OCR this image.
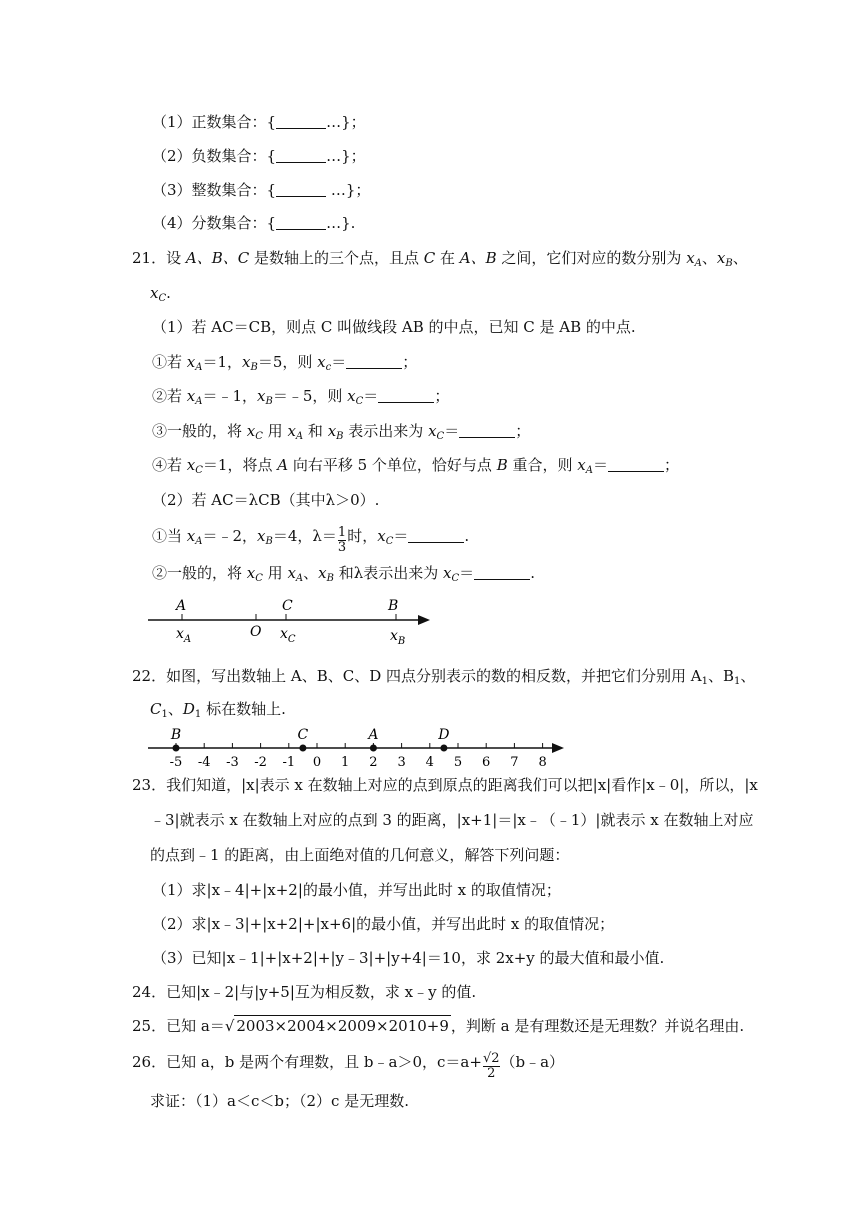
（1）正数集合：{	…}；
（2）负数集合：{	…}；
（3）整数集合：{	…}；
（4）分数集合：{	…}.
21．设 A、B、C 是数轴上的三个点，且点 C 在 A、B 之间，它们对应的数分别为 $x_A$、$x_B$、
$x_C$.
（1）若 AC＝CB，则点 C 叫做线段 AB 的中点，已知 C 是 AB 的中点.
①若 $x_A=1$，$x_B=5$，则 $x_c=$	；
②若 $x_A=﹣1$，$x_B=﹣5$，则 $x_C=$	；
③一般的，将 $x_C$ 用 $x_A$ 和 $x_B$ 表示出来为 $x_C=$	；
④若 $x_C=1$，将点 A 向右平移 5 个单位，恰好与点 B 重合，则 $x_A=$	；
（2）若 AC＝λCB（其中λ＞0）.
①当 $x_A=﹣2$，$x_B=4$，$\lambda= \frac{1}{3}$ 时，$x_C=$	.
②一般的，将 $x_C$ 用 $x_A$、$x_B$ 和λ表示出来为 $x_C=$	.
A	C	B
O
$x_A$	$x_C$	$x_B$
22．如图，写出数轴上 A、B、C、D 四点分别表示的数的相反数，并把它们分别用 $A_1$、$B_1$、
$C_1$、$D_1$ 标在数轴上.
-5 -4 -3 -2 -1 0 1 2 3 4 5 6 7 8
B	C	A	D
23．我们知道，|x|表示 x 在数轴上对应的点到原点的距离我们可以把|x|看作|x﹣0|，所以，|x
﹣3|就表示 x 在数轴上对应的点到 3 的距离，|x+1|＝|x﹣（﹣1）|就表示 x 在数轴上对应
的点到﹣1 的距离，由上面绝对值的几何意义，解答下列问题：
（1）求|x﹣4|+|x+2|的最小值，并写出此时 x 的取值情况；
（2）求|x﹣3|+|x+2|+|x+6|的最小值，并写出此时 x 的取值情况；
（3）已知|x﹣1|+|x+2|+|y﹣3|+|y+4|＝10，求 2x+y 的最大值和最小值.
24．已知|x﹣2|与|y+5|互为相反数，求 x﹣y 的值.
25．已知 a＝√ 2003×2004×2009×2010+9 ，判断 a 是有理数还是无理数？并说名理由.
26．已知 a，b 是两个有理数，且 b﹣a＞0，$c=a+ \frac{√2}{2}$ （b﹣a）
求证：（1）a＜c＜b；（2）c 是无理数.
